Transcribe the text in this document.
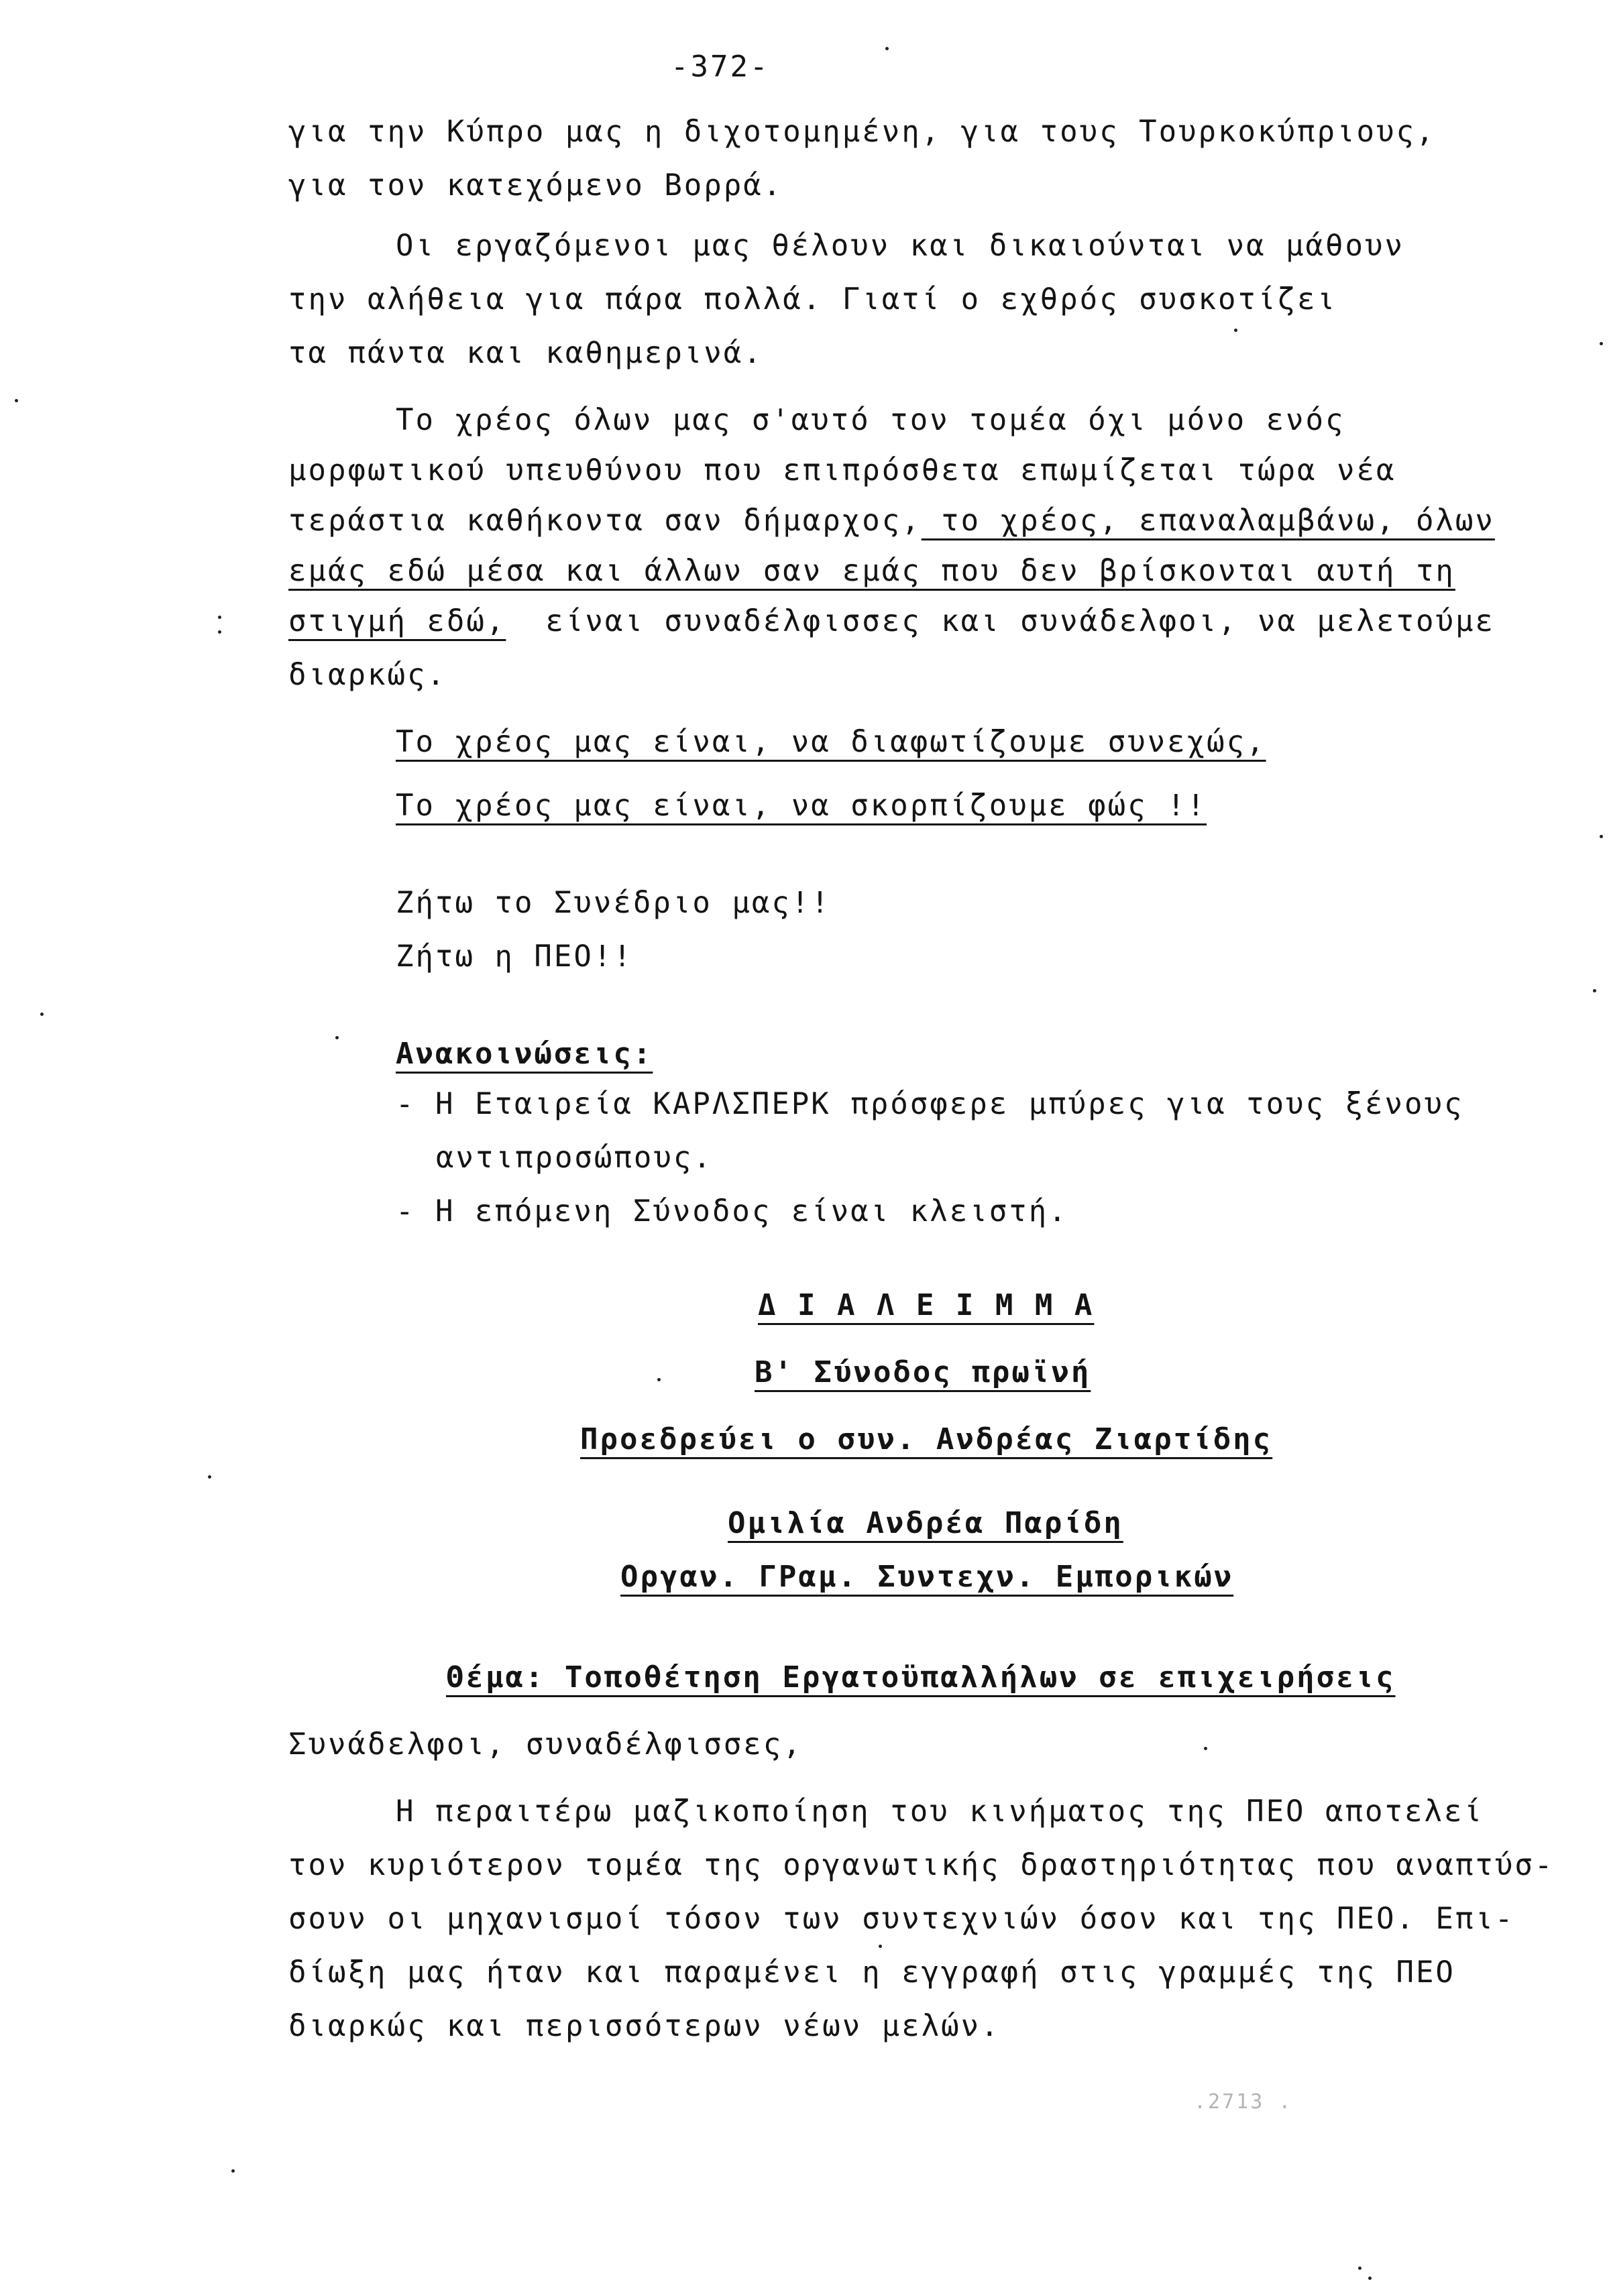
-372-
για την Κύπρο μας η διχοτομημένη, για τους Τουρκοκύπριους,
για τον κατεχόμενο Βορρά.
Οι εργαζόμενοι μας θέλουν και δικαιούνται να μάθουν
την αλήθεια για πάρα πολλά. Γιατί ο εχθρός συσκοτίζει
τα πάντα και καθημερινά.
Το χρέος όλων μας σ'αυτό τον τομέα όχι μόνο ενός
μορφωτικού υπευθύνου που επιπρόσθετα επωμίζεται τώρα νέα
τεράστια καθήκοντα σαν δήμαρχος, το χρέος, επαναλαμβάνω, όλων
εμάς εδώ μέσα και άλλων σαν εμάς που δεν βρίσκονται αυτή τη
στιγμή εδώ,  είναι συναδέλφισσες και συνάδελφοι, να μελετούμε
διαρκώς.
Το χρέος μας είναι, να διαφωτίζουμε συνεχώς,
Το χρέος μας είναι, να σκορπίζουμε φώς !!
Ζήτω το Συνέδριο μας!!
Ζήτω η ΠΕΟ!!
Ανακοινώσεις:
- Η Εταιρεία ΚΑΡΛΣΠΕΡΚ πρόσφερε μπύρες για τους ξένους
αντιπροσώπους.
- Η επόμενη Σύνοδος είναι κλειστή.
Δ Ι Α Λ Ε Ι Μ Μ Α
Β' Σύνοδος πρωϊνή
Προεδρεύει ο συν. Ανδρέας Ζιαρτίδης
Ομιλία Ανδρέα Παρίδη
Οργαν. ΓΡαμ. Συντεχν. Εμπορικών
Θέμα: Τοποθέτηση Εργατοϋπαλλήλων σε επιχειρήσεις
Συνάδελφοι, συναδέλφισσες,
Η περαιτέρω μαζικοποίηση του κινήματος της ΠΕΟ αποτελεί
τον κυριότερον τομέα της οργανωτικής δραστηριότητας που αναπτύσ-
σουν οι μηχανισμοί τόσον των συντεχνιών όσον και της ΠΕΟ. Επι-
δίωξη μας ήταν και παραμένει η εγγραφή στις γραμμές της ΠΕΟ
διαρκώς και περισσότερων νέων μελών.
.2713 .
